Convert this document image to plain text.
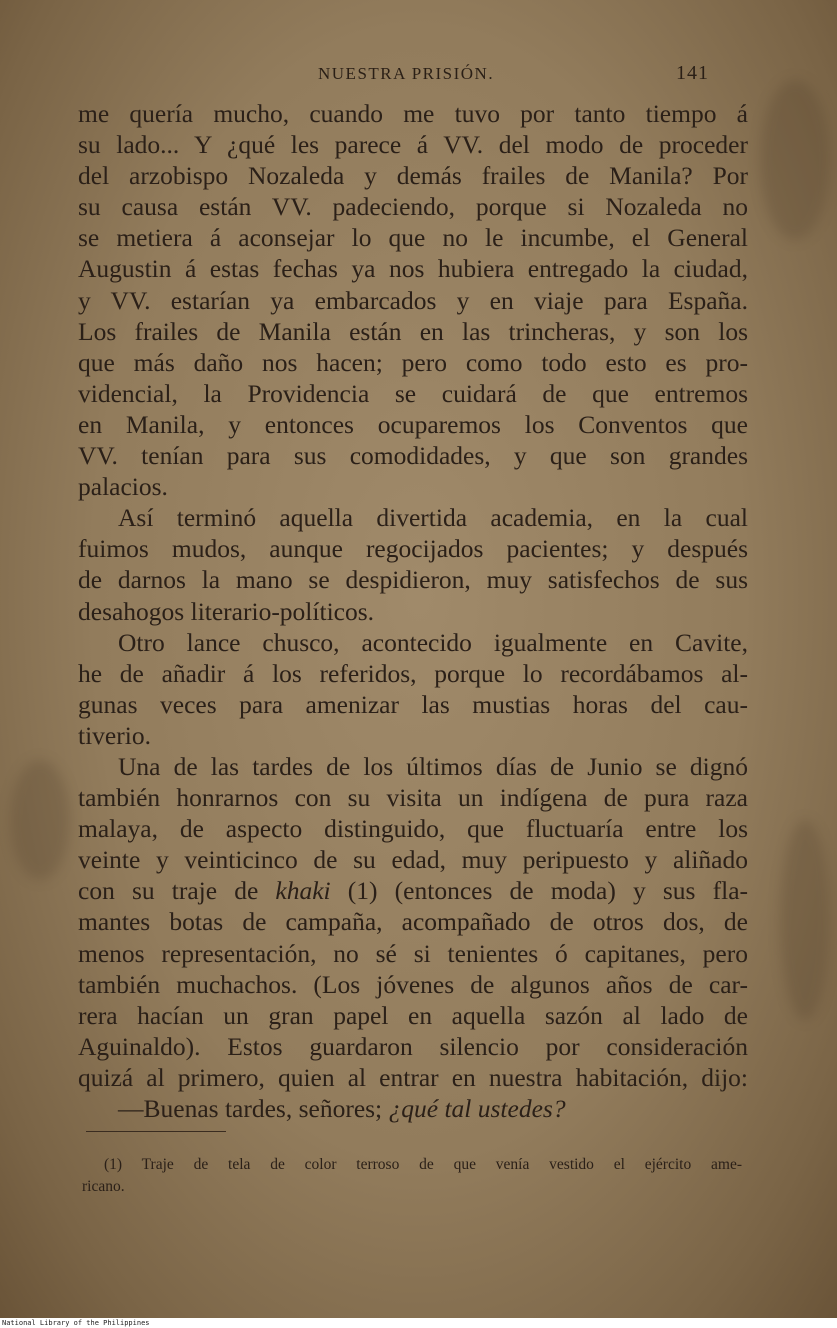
NUESTRA PRISIÓN.	141
me quería mucho, cuando me tuvo por tanto tiempo á
su lado... Y ¿qué les parece á VV. del modo de proceder
del arzobispo Nozaleda y demás frailes de Manila? Por
su causa están VV. padeciendo, porque si Nozaleda no
se metiera á aconsejar lo que no le incumbe, el General
Augustin á estas fechas ya nos hubiera entregado la ciudad,
y VV. estarían ya embarcados y en viaje para España.
Los frailes de Manila están en las trincheras, y son los
que más daño nos hacen; pero como todo esto es pro-
videncial, la Providencia se cuidará de que entremos
en Manila, y entonces ocuparemos los Conventos que
VV. tenían para sus comodidades, y que son grandes
palacios.
Así terminó aquella divertida academia, en la cual
fuimos mudos, aunque regocijados pacientes; y después
de darnos la mano se despidieron, muy satisfechos de sus
desahogos literario-políticos.
Otro lance chusco, acontecido igualmente en Cavite,
he de añadir á los referidos, porque lo recordábamos al-
gunas veces para amenizar las mustias horas del cau-
tiverio.
Una de las tardes de los últimos días de Junio se dignó
también honrarnos con su visita un indígena de pura raza
malaya, de aspecto distinguido, que fluctuaría entre los
veinte y veinticinco de su edad, muy peripuesto y aliñado
con su traje de khaki (1) (entonces de moda) y sus fla-
mantes botas de campaña, acompañado de otros dos, de
menos representación, no sé si tenientes ó capitanes, pero
también muchachos. (Los jóvenes de algunos años de car-
rera hacían un gran papel en aquella sazón al lado de
Aguinaldo). Estos guardaron silencio por consideración
quizá al primero, quien al entrar en nuestra habitación, dijo:
—Buenas tardes, señores; ¿qué tal ustedes?
(1) Traje de tela de color terroso de que venía vestido el ejército ame-
ricano.
National Library of the Philippines
